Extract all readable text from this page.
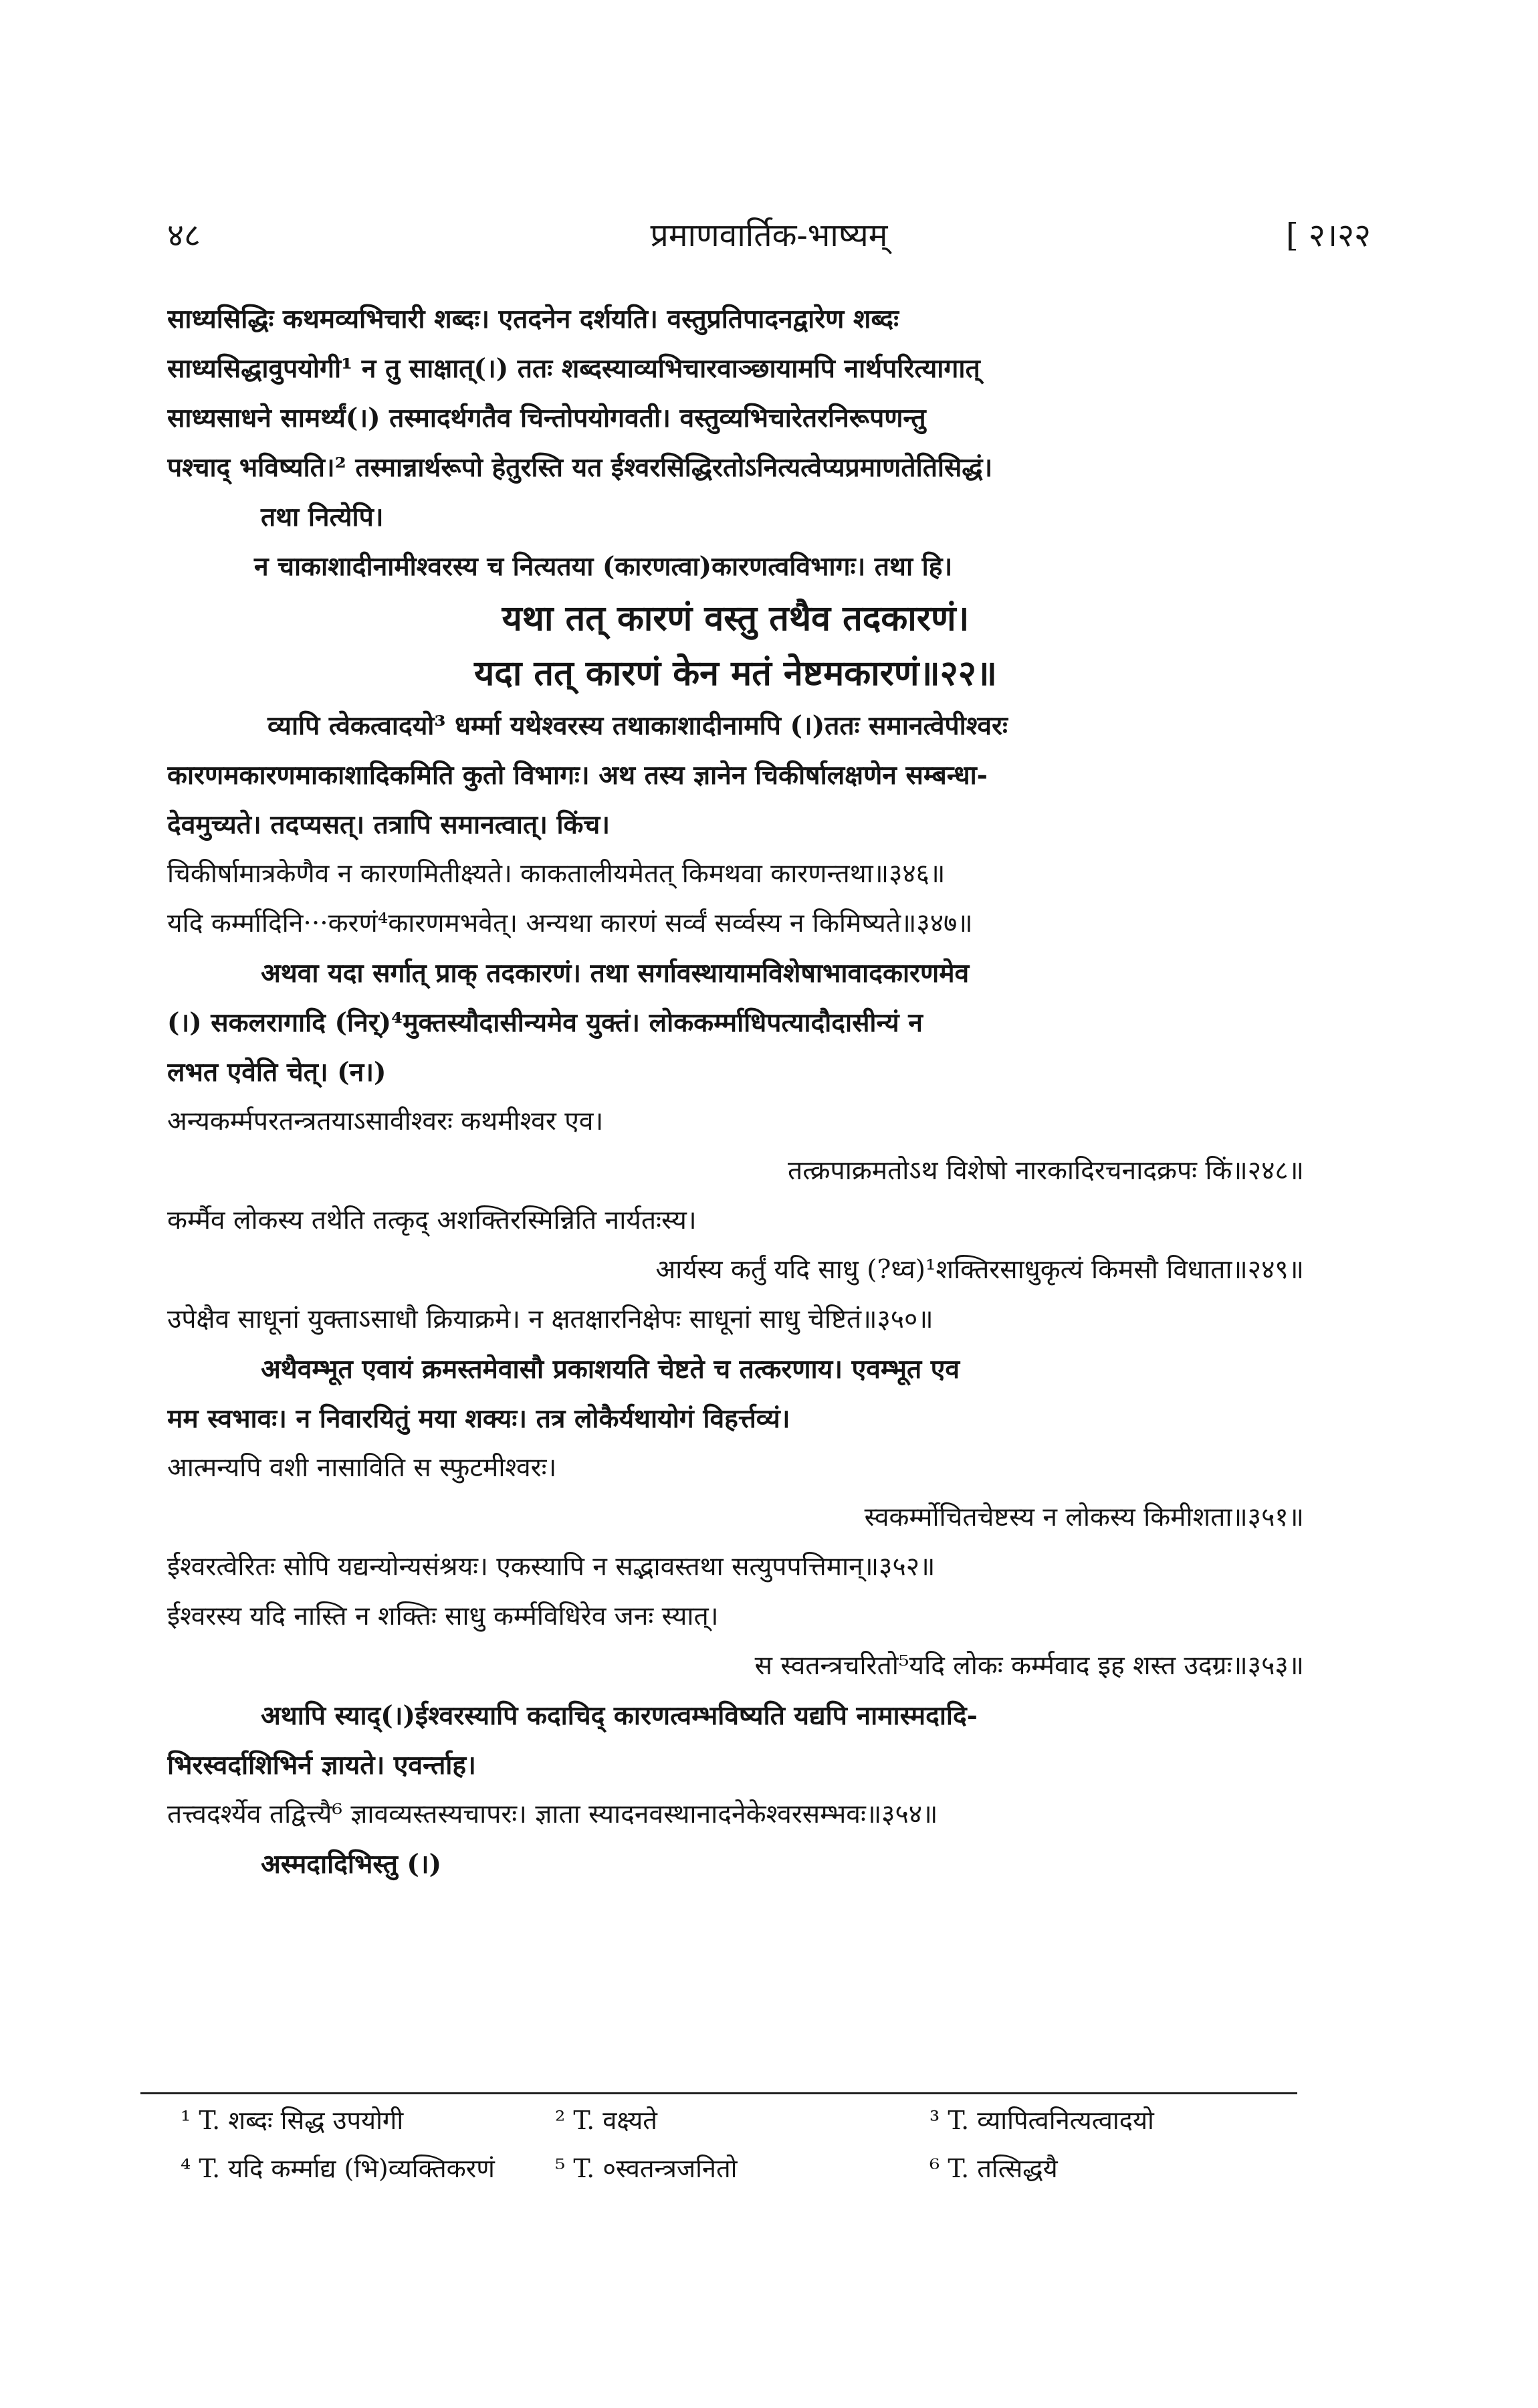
४८	प्रमाणवार्तिक-भाष्यम्	[ २।२२
साध्यसिद्धिः कथमव्यभिचारी शब्दः। एतदनेन दर्शयति। वस्तुप्रतिपादनद्वारेण शब्दः
साध्यसिद्धावुपयोगी¹ न तु साक्षात्(।) ततः शब्दस्याव्यभिचारवाञ्छायामपि नार्थपरित्यागात्
साध्यसाधने सामर्थ्यं(।) तस्मादर्थगतैव चिन्तोपयोगवती। वस्तुव्यभिचारेतरनिरूपणन्तु
पश्चाद् भविष्यति।² तस्मान्नार्थरूपो हेतुरस्ति यत ईश्वरसिद्धिरतोऽनित्यत्वेप्यप्रमाणतेतिसिद्धं।
तथा नित्येपि।
न चाकाशादीनामीश्वरस्य च नित्यतया (कारणत्वा)कारणत्वविभागः। तथा हि।
यथा तत् कारणं वस्तु तथैव तदकारणं।
यदा तत् कारणं केन मतं नेष्टमकारणं॥२२॥
व्यापि त्वेकत्वादयो³ धर्म्मा यथेश्वरस्य तथाकाशादीनामपि (।)ततः समानत्वेपीश्वरः
कारणमकारणमाकाशादिकमिति कुतो विभागः। अथ तस्य ज्ञानेन चिकीर्षालक्षणेन सम्बन्धा-
देवमुच्यते। तदप्यसत्। तत्रापि समानत्वात्। किंच।
चिकीर्षामात्रकेणैव न कारणमितीक्ष्यते। काकतालीयमेतत् किमथवा कारणन्तथा॥३४६॥
यदि कर्म्मादिनि···करणं⁴कारणमभवेत्। अन्यथा कारणं सर्व्वं सर्व्वस्य न किमिष्यते॥३४७॥
अथवा यदा सर्गात् प्राक् तदकारणं। तथा सर्गावस्थायामविशेषाभावादकारणमेव
(।) सकलरागादि (निर्)⁴मुक्तस्यौदासीन्यमेव युक्तं। लोककर्म्माधिपत्यादौदासीन्यं न
लभत एवेति चेत्। (न।)
अन्यकर्म्मपरतन्त्रतयाऽसावीश्वरः कथमीश्वर एव।
तत्क्रपाक्रमतोऽथ विशेषो नारकादिरचनादक्रपः किं॥२४८॥
कर्म्मैव लोकस्य तथेति तत्कृद् अशक्तिरस्मिन्निति नार्यतःस्य।
आर्यस्य कर्तुं यदि साधु (?ध्व)¹शक्तिरसाधुकृत्यं किमसौ विधाता॥२४९॥
उपेक्षैव साधूनां युक्ताऽसाधौ क्रियाक्रमे। न क्षतक्षारनिक्षेपः साधूनां साधु चेष्टितं॥३५०॥
अथैवम्भूत एवायं क्रमस्तमेवासौ प्रकाशयति चेष्टते च तत्करणाय। एवम्भूत एव
मम स्वभावः। न निवारयितुं मया शक्यः। तत्र लोकैर्यथायोगं विहर्त्तव्यं।
आत्मन्यपि वशी नासाविति स स्फुटमीश्वरः।
स्वकर्म्मोचितचेष्टस्य न लोकस्य किमीशता॥३५१॥
ईश्वरत्वेरितः सोपि यद्यन्योन्यसंश्रयः। एकस्यापि न सद्भावस्तथा सत्युपपत्तिमान्॥३५२॥
ईश्वरस्य यदि नास्ति न शक्तिः साधु कर्म्मविधिरेव जनः स्यात्।
स स्वतन्त्रचरितो⁵यदि लोकः कर्म्मवाद इह शस्त उदग्रः॥३५३॥
अथापि स्याद्(।)ईश्वरस्यापि कदाचिद् कारणत्वम्भविष्यति यद्यपि नामास्मदादि-
भिरस्वर्दाशिभिर्न ज्ञायते। एवर्न्ताह।
तत्त्वदर्श्येव तद्वित्त्यै⁶ ज्ञावव्यस्तस्यचापरः। ज्ञाता स्यादनवस्थानादनेकेश्वरसम्भवः॥३५४॥
अस्मदादिभिस्तु (।)
¹ T. शब्दः सिद्ध उपयोगी	² T. वक्ष्यते	³ T. व्यापित्वनित्यत्वादयो
⁴ T. यदि कर्म्माद्य (भि)व्यक्तिकरणं	⁵ T. ०स्वतन्त्रजनितो	⁶ T. तत्सिद्धयै
